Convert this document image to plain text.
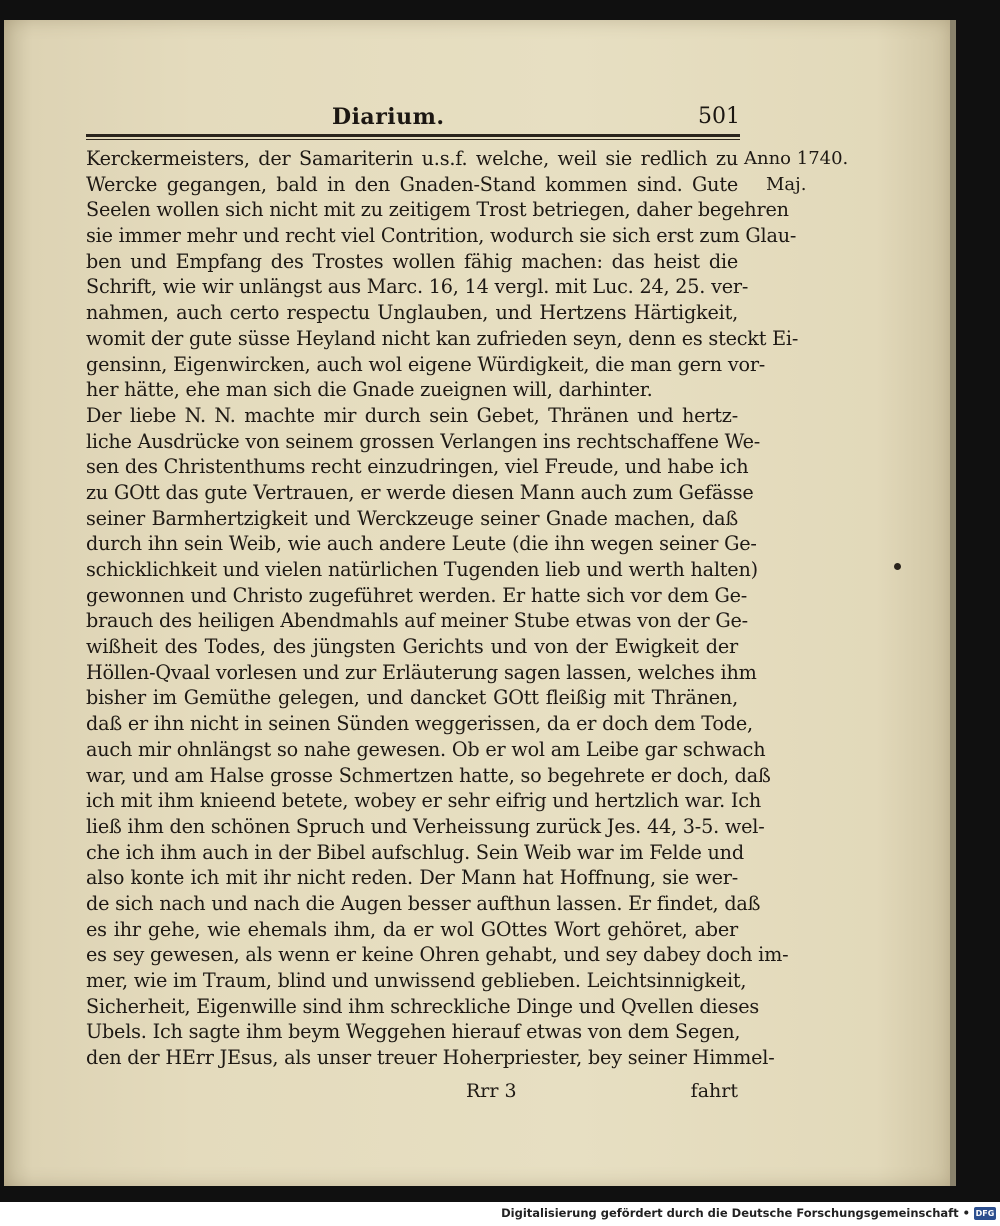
Diarium.	501
Anno 1740.
Maj.
Kerckermeisters, der Samariterin u.s.f. welche, weil sie redlich zu
Wercke gegangen, bald in den Gnaden-Stand kommen sind. Gute
Seelen wollen sich nicht mit zu zeitigem Trost betriegen, daher begehren
sie immer mehr und recht viel Contrition, wodurch sie sich erst zum Glau-
ben und Empfang des Trostes wollen fähig machen: das heist die
Schrift, wie wir unlängst aus Marc. 16, 14 vergl. mit Luc. 24, 25. ver-
nahmen, auch certo respectu Unglauben, und Hertzens Härtigkeit,
womit der gute süsse Heyland nicht kan zufrieden seyn, denn es steckt Ei-
gensinn, Eigenwircken, auch wol eigene Würdigkeit, die man gern vor-
her hätte, ehe man sich die Gnade zueignen will, darhinter.
Der liebe N. N. machte mir durch sein Gebet, Thränen und hertz-
liche Ausdrücke von seinem grossen Verlangen ins rechtschaffene We-
sen des Christenthums recht einzudringen, viel Freude, und habe ich
zu GOtt das gute Vertrauen, er werde diesen Mann auch zum Gefässe
seiner Barmhertzigkeit und Werckzeuge seiner Gnade machen, daß
durch ihn sein Weib, wie auch andere Leute (die ihn wegen seiner Ge-
schicklichkeit und vielen natürlichen Tugenden lieb und werth halten)
gewonnen und Christo zugeführet werden. Er hatte sich vor dem Ge-
brauch des heiligen Abendmahls auf meiner Stube etwas von der Ge-
wißheit des Todes, des jüngsten Gerichts und von der Ewigkeit der
Höllen-Qvaal vorlesen und zur Erläuterung sagen lassen, welches ihm
bisher im Gemüthe gelegen, und dancket GOtt fleißig mit Thränen,
daß er ihn nicht in seinen Sünden weggerissen, da er doch dem Tode,
auch mir ohnlängst so nahe gewesen. Ob er wol am Leibe gar schwach
war, und am Halse grosse Schmertzen hatte, so begehrete er doch, daß
ich mit ihm knieend betete, wobey er sehr eifrig und hertzlich war. Ich
ließ ihm den schönen Spruch und Verheissung zurück Jes. 44, 3-5. wel-
che ich ihm auch in der Bibel aufschlug. Sein Weib war im Felde und
also konte ich mit ihr nicht reden. Der Mann hat Hoffnung, sie wer-
de sich nach und nach die Augen besser aufthun lassen. Er findet, daß
es ihr gehe, wie ehemals ihm, da er wol GOttes Wort gehöret, aber
es sey gewesen, als wenn er keine Ohren gehabt, und sey dabey doch im-
mer, wie im Traum, blind und unwissend geblieben. Leichtsinnigkeit,
Sicherheit, Eigenwille sind ihm schreckliche Dinge und Qvellen dieses
Ubels. Ich sagte ihm beym Weggehen hierauf etwas von dem Segen,
den der HErr JEsus, als unser treuer Hoherpriester, bey seiner Himmel-
Rrr 3	fahrt
Digitalisierung gefördert durch die Deutsche Forschungsgemeinschaft • DFG
